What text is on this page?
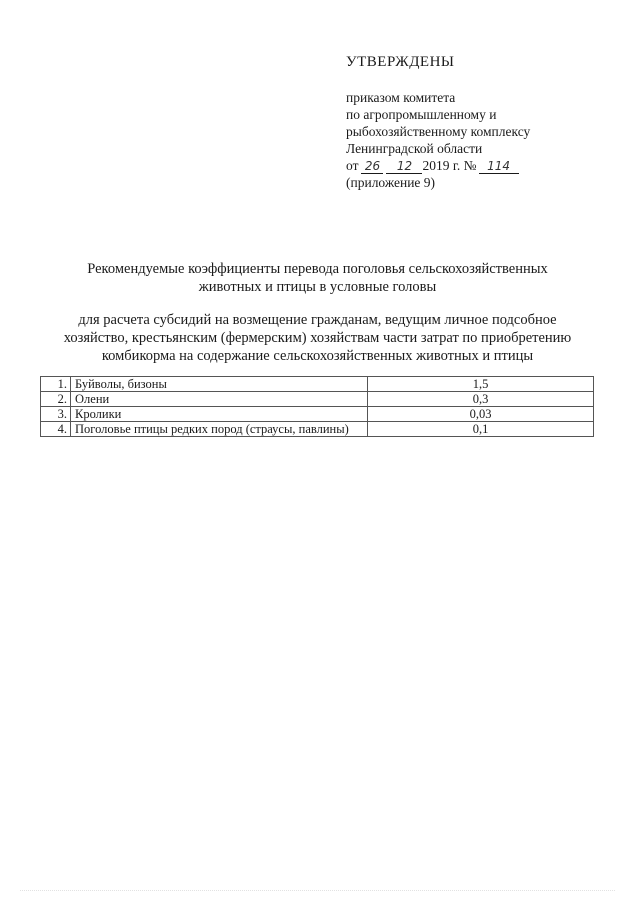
УТВЕРЖДЕНЫ
приказом комитета
по агропромышленному и
рыбохозяйственному комплексу
Ленинградской области
от 26 12 2019 г. № 114
(приложение 9)
Рекомендуемые коэффициенты перевода поголовья сельскохозяйственных
животных и птицы в условные головы
для расчета субсидий на возмещение гражданам, ведущим личное подсобное
хозяйство, крестьянским (фермерским) хозяйствам части затрат по приобретению
комбикорма на содержание сельскохозяйственных животных и птицы
1.	Буйволы, бизоны	1,5
2.	Олени	0,3
3.	Кролики	0,03
4.	Поголовье птицы редких пород (страусы, павлины)	0,1
